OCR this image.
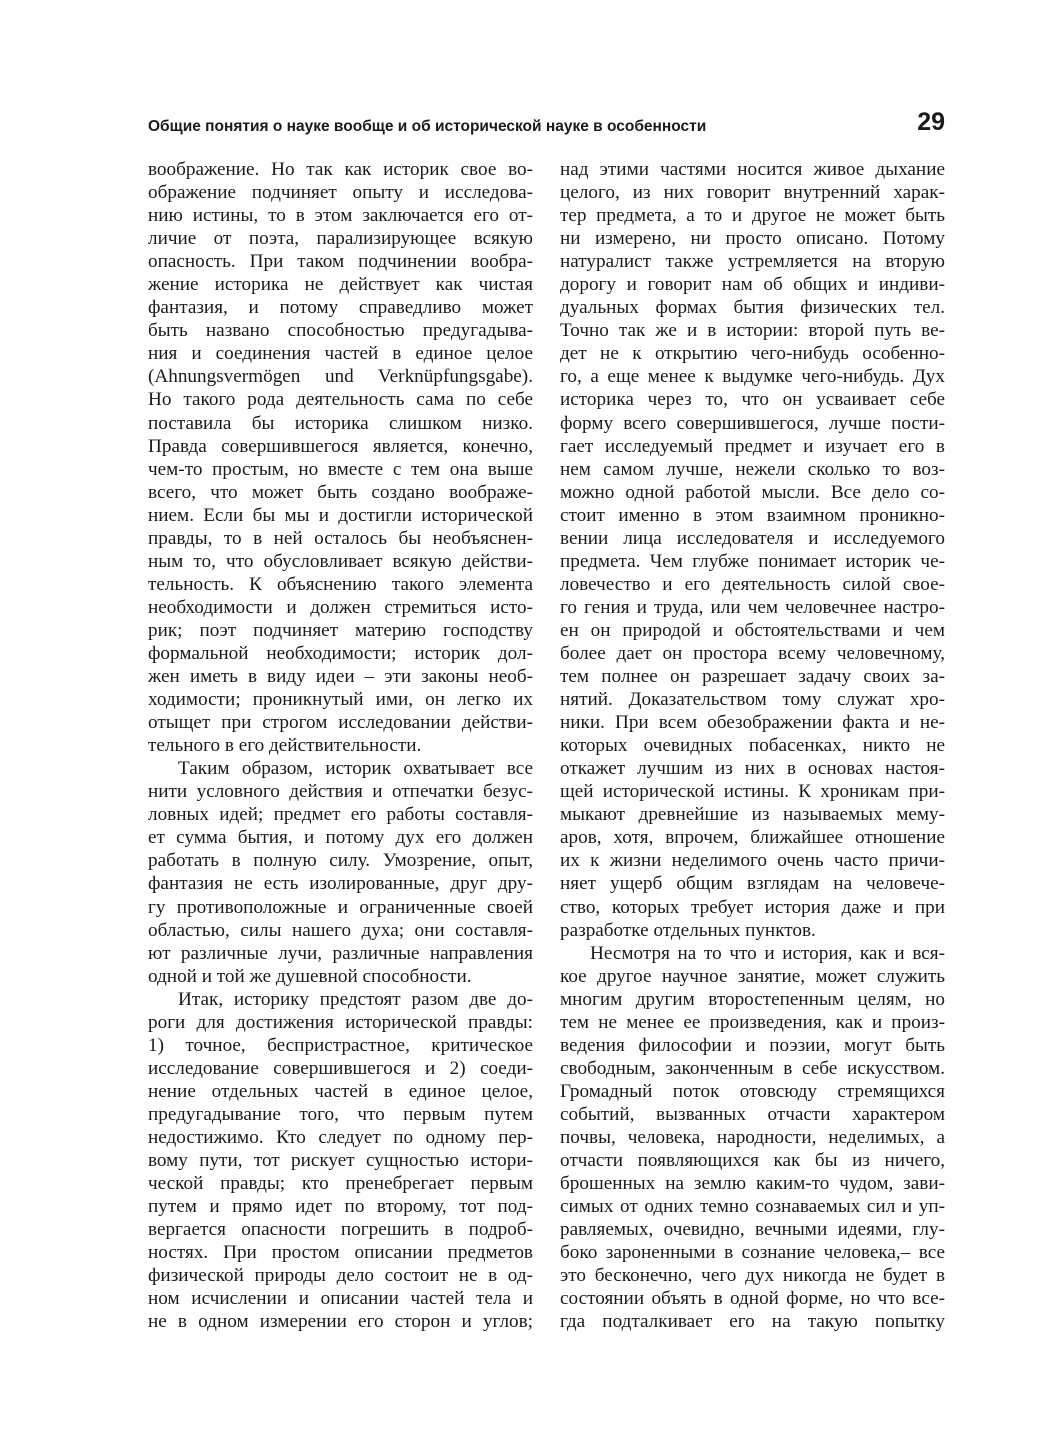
Общие понятия о науке вообще и об исторической науке в особенности	29
воображение. Но так как историк свое во-
ображение подчиняет опыту и исследова-
нию истины, то в этом заключается его от-
личие от поэта, парализирующее всякую
опасность. При таком подчинении вообра-
жение историка не действует как чистая
фантазия, и потому справедливо может
быть названо способностью предугадыва-
ния и соединения частей в единое целое
(Ahnungsvermögen und Verknüpfungsgabe).
Но такого рода деятельность сама по себе
поставила бы историка слишком низко.
Правда совершившегося является, конечно,
чем-то простым, но вместе с тем она выше
всего, что может быть создано воображе-
нием. Если бы мы и достигли исторической
правды, то в ней осталось бы необъяснен-
ным то, что обусловливает всякую действи-
тельность. К объяснению такого элемента
необходимости и должен стремиться исто-
рик; поэт подчиняет материю господству
формальной необходимости; историк дол-
жен иметь в виду идеи – эти законы необ-
ходимости; проникнутый ими, он легко их
отыщет при строгом исследовании действи-
тельного в его действительности.
Таким образом, историк охватывает все
нити условного действия и отпечатки безус-
ловных идей; предмет его работы составля-
ет сумма бытия, и потому дух его должен
работать в полную силу. Умозрение, опыт,
фантазия не есть изолированные, друг дру-
гу противоположные и ограниченные своей
областью, силы нашего духа; они составля-
ют различные лучи, различные направления
одной и той же душевной способности.
Итак, историку предстоят разом две до-
роги для достижения исторической правды:
1) точное, беспристрастное, критическое
исследование совершившегося и 2) соеди-
нение отдельных частей в единое целое,
предугадывание того, что первым путем
недостижимо. Кто следует по одному пер-
вому пути, тот рискует сущностью истори-
ческой правды; кто пренебрегает первым
путем и прямо идет по второму, тот под-
вергается опасности погрешить в подроб-
ностях. При простом описании предметов
физической природы дело состоит не в од-
ном исчислении и описании частей тела и
не в одном измерении его сторон и углов;
над этими частями носится живое дыхание
целого, из них говорит внутренний харак-
тер предмета, а то и другое не может быть
ни измерено, ни просто описано. Потому
натуралист также устремляется на вторую
дорогу и говорит нам об общих и индиви-
дуальных формах бытия физических тел.
Точно так же и в истории: второй путь ве-
дет не к открытию чего-нибудь особенно-
го, а еще менее к выдумке чего-нибудь. Дух
историка через то, что он усваивает себе
форму всего совершившегося, лучше пости-
гает исследуемый предмет и изучает его в
нем самом лучше, нежели сколько то воз-
можно одной работой мысли. Все дело со-
стоит именно в этом взаимном проникно-
вении лица исследователя и исследуемого
предмета. Чем глубже понимает историк че-
ловечество и его деятельность силой свое-
го гения и труда, или чем человечнее настро-
ен он природой и обстоятельствами и чем
более дает он простора всему человечному,
тем полнее он разрешает задачу своих за-
нятий. Доказательством тому служат хро-
ники. При всем обезображении факта и не-
которых очевидных побасенках, никто не
откажет лучшим из них в основах настоя-
щей исторической истины. К хроникам при-
мыкают древнейшие из называемых мему-
аров, хотя, впрочем, ближайшее отношение
их к жизни неделимого очень часто причи-
няет ущерб общим взглядам на человече-
ство, которых требует история даже и при
разработке отдельных пунктов.
Несмотря на то что и история, как и вся-
кое другое научное занятие, может служить
многим другим второстепенным целям, но
тем не менее ее произведения, как и произ-
ведения философии и поэзии, могут быть
свободным, законченным в себе искусством.
Громадный поток отовсюду стремящихся
событий, вызванных отчасти характером
почвы, человека, народности, неделимых, а
отчасти появляющихся как бы из ничего,
брошенных на землю каким-то чудом, зави-
симых от одних темно сознаваемых сил и уп-
равляемых, очевидно, вечными идеями, глу-
боко зароненными в сознание человека,– все
это бесконечно, чего дух никогда не будет в
состоянии объять в одной форме, но что все-
гда подталкивает его на такую попытку
